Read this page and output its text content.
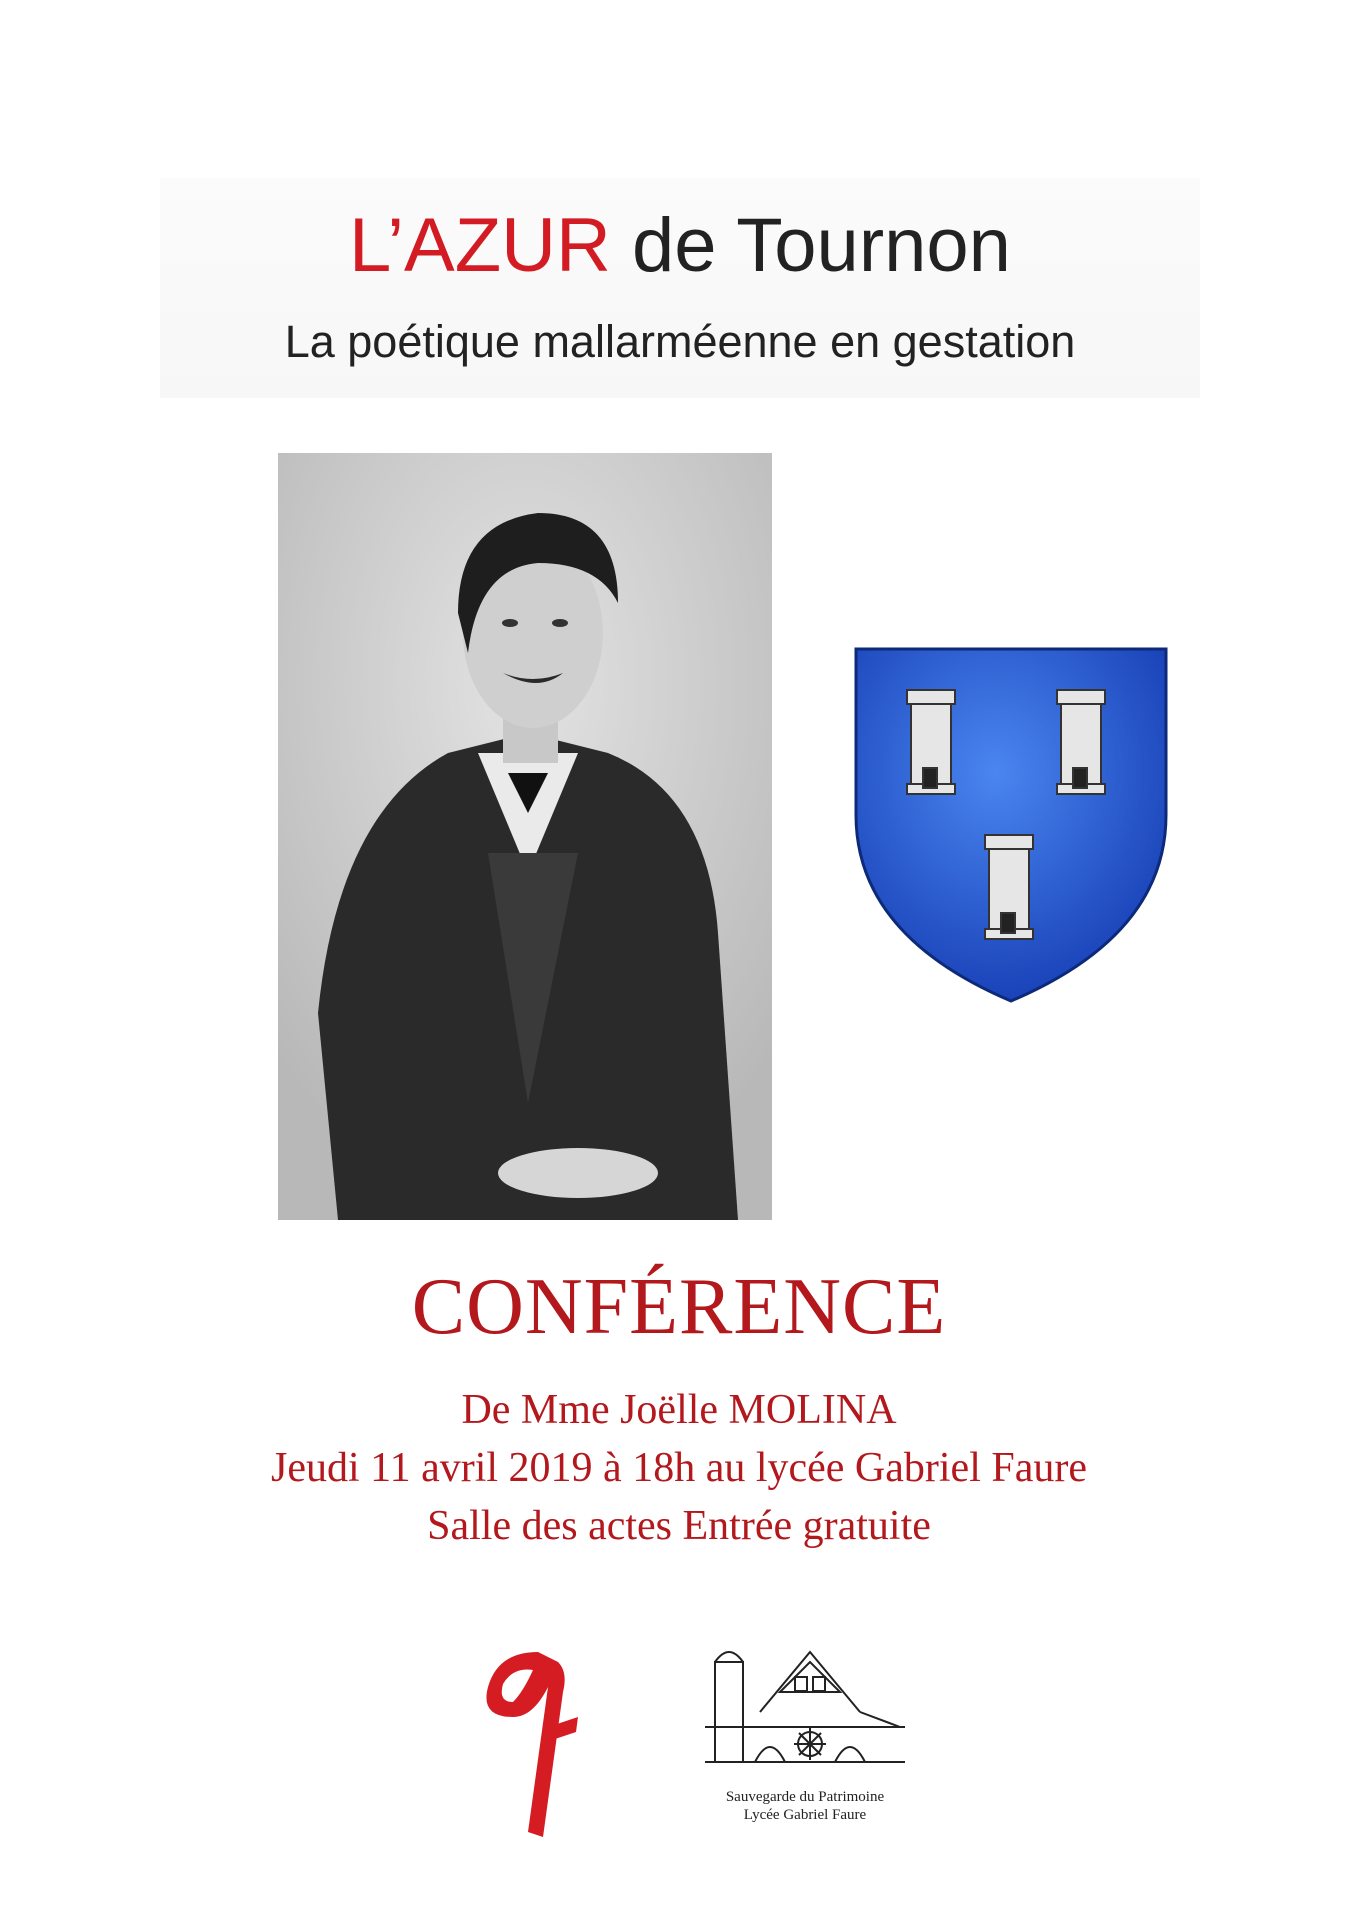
L’AZUR de Tournon
La poétique mallarméenne en gestation
CONFÉRENCE
De Mme Joëlle MOLINA
Jeudi 11 avril 2019 à 18h au lycée Gabriel Faure
Salle des actes Entrée gratuite
Sauvegarde du Patrimoine
Lycée Gabriel Faure
